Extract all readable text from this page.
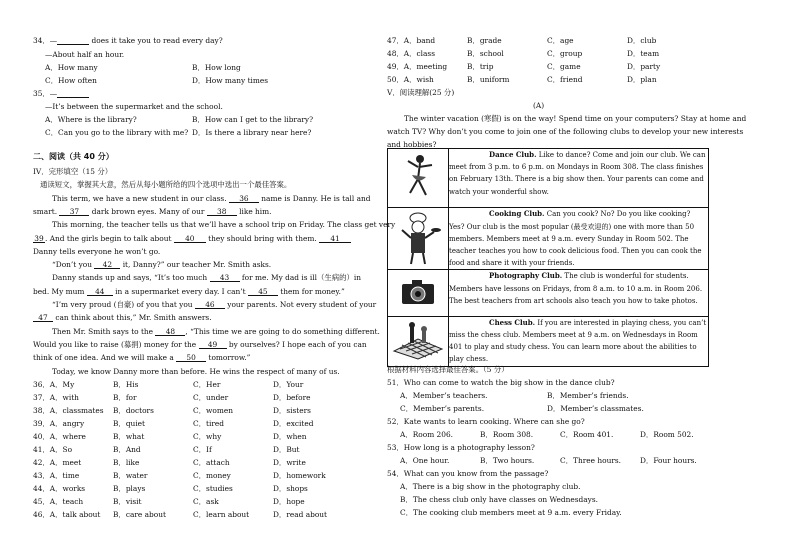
34．—	does it take you to read every day?
—About half an hour.
A．How many	B．How long
C．How often	D．How many times
35．—
—It’s between the supermarket and the school.
A．Where is the library?	B．How can I get to the library?
C．Can you go to the library with me? D．Is there a library near here?
二、阅读（共 40 分）
IV．完形填空（15 分）
通读短文，掌握其大意，然后从每小题所给的四个选项中选出一个最佳答案。
This term, we have a new student in our class. 36 name is Danny. He is tall and
smart. 37 dark brown eyes. Many of our 38 like him.
This morning, the teacher tells us that we’ll have a school trip on Friday. The class get very
39. And the girls begin to talk about 40 they should bring with them. 41
Danny tells everyone he won’t go.
“Don’t you 42 it, Danny?” our teacher Mr. Smith asks.
Danny stands up and says, “It’s too much 43 for me. My dad is ill（生病的）in
bed. My mum 44 in a supermarket every day. I can’t 45 them for money.”
“I’m very proud (自豪) of you that you 46 your parents. Not every student of your
47 can think about this,” Mr. Smith answers.
Then Mr. Smith says to the 48 , “This time we are going to do something different.
Would you like to raise (募捐) money for the 49 by ourselves? I hope each of you can
think of one idea. And we will make a 50 tomorrow.”
Today, we know Danny more than before. He wins the respect of many of us.
36．A．My	B．His	C．Her	D．Your
37．A．with	B．for	C．under	D．before
38．A．classmates B．doctors	C．women	D．sisters
39．A．angry	B．quiet	C．tired	D．excited
40．A．where	B．what	C．why	D．when
41．A．So	B．And	C．If	D．But
42．A．meet	B．like	C．attach	D．write
43．A．time	B．water	C．money	D．homework
44．A．works	B．plays	C．studies	D．shops
45．A．teach	B．visit	C．ask	D．hope
46．A．talk about B．care about	C．learn about	D．read about
47．A．band	B．grade	C．age	D．club
48．A．class	B．school	C．group	D．team
49．A．meeting	B．trip	C．game	D．party
50．A．wish	B．uniform	C．friend	D．plan
V．阅读理解(25 分)
(A)
The winter vacation (寒假) is on the way! Spend time on your computers? Stay at home and
watch TV? Why don’t you come to join one of the following clubs to develop your new interests
and hobbies?
	Dance Club. Like to dance? Come and join our club. We can meet from 3 p.m. to 6 p.m. on Mondays in Room 308. The class finishes on February 13th. There is a big show then. Your parents can come and watch your wonderful show.
	Cooking Club. Can you cook? No? Do you like cooking? Yes? Our club is the most popular (最受欢迎的) one with more than 50 members. Members meet at 9 a.m. every Sunday in Room 502. The teacher teaches you how to cook delicious food. Then you can cook the food and share it with your friends.
	Photography Club. The club is wonderful for students. Members have lessons on Fridays, from 8 a.m. to 10 a.m. in Room 206. The best teachers from art schools also teach you how to take photos.
	Chess Club. If you are interested in playing chess, you can’t miss the chess club. Members meet at 9 a.m. on Wednesdays in Room 401 to play and study chess. You can learn more about the abilities to play chess.
根据材料内容选择最佳答案。（5 分）
51．Who can come to watch the big show in the dance club?
A．Member’s teachers.	B．Member’s friends.
C．Member’s parents.	D．Member’s classmates.
52．Kate wants to learn cooking. Where can she go?
A．Room 206.	B．Room 308.	C．Room 401.	D．Room 502.
53．How long is a photography lesson?
A．One hour.	B．Two hours.	C．Three hours.	D．Four hours.
54．What can you know from the passage?
A．There is a big show in the photography club.
B．The chess club only have classes on Wednesdays.
C．The cooking club members meet at 9 a.m. every Friday.
